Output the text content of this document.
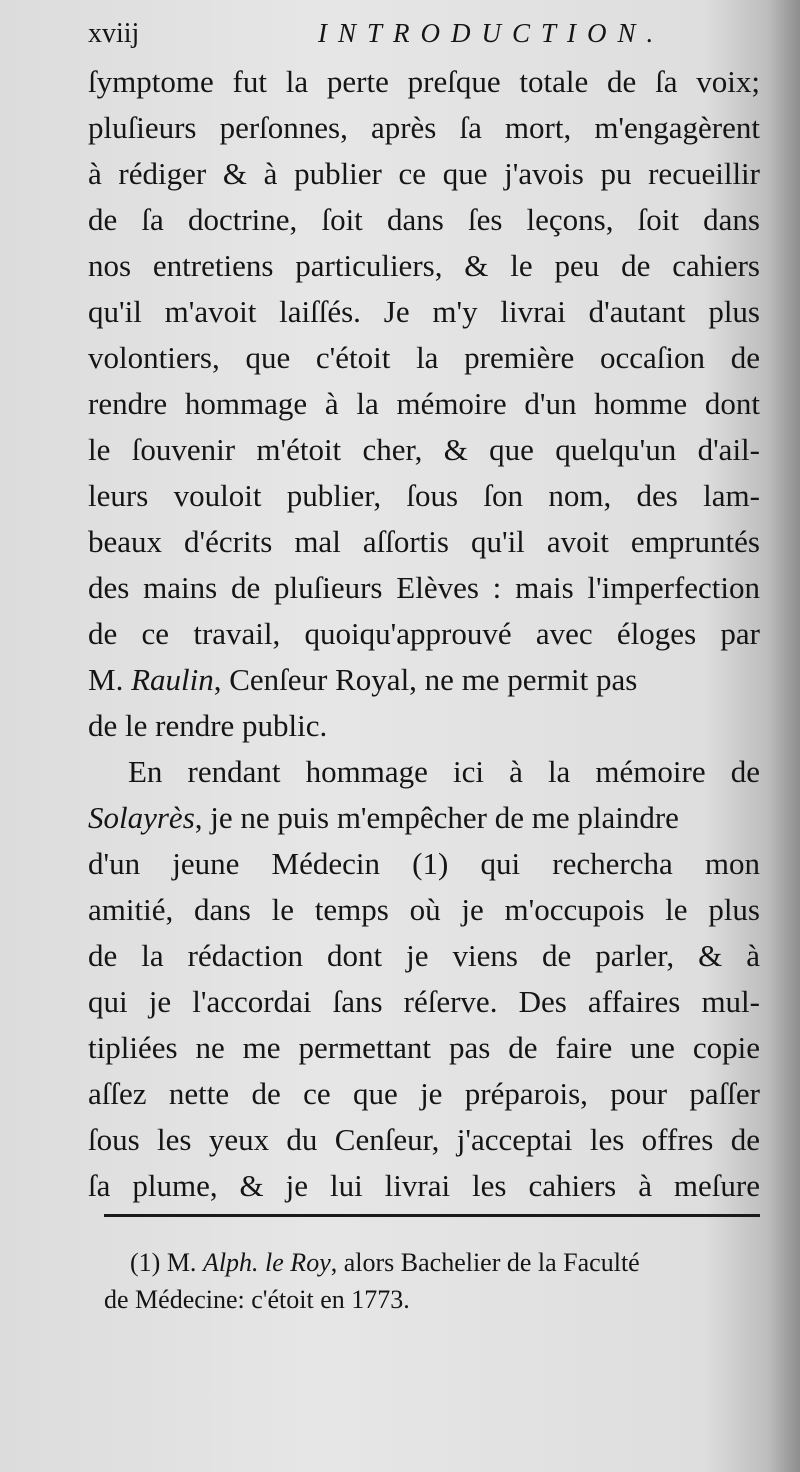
xviij	INTRODUCTION.
ſymptome fut la perte preſque totale de ſa voix;
pluſieurs perſonnes, après ſa mort, m'engagèrent
à rédiger & à publier ce que j'avois pu recueillir
de ſa doctrine, ſoit dans ſes leçons, ſoit dans
nos entretiens particuliers, & le peu de cahiers
qu'il m'avoit laiſſés. Je m'y livrai d'autant plus
volontiers, que c'étoit la première occaſion de
rendre hommage à la mémoire d'un homme dont
le ſouvenir m'étoit cher, & que quelqu'un d'ail-
leurs vouloit publier, ſous ſon nom, des lam-
beaux d'écrits mal aſſortis qu'il avoit empruntés
des mains de pluſieurs Elèves : mais l'imperfection
de ce travail, quoiqu'approuvé avec éloges par
M. Raulin, Cenſeur Royal, ne me permit pas
de le rendre public.
En rendant hommage ici à la mémoire de
Solayrès, je ne puis m'empêcher de me plaindre
d'un jeune Médecin (1) qui rechercha mon
amitié, dans le temps où je m'occupois le plus
de la rédaction dont je viens de parler, & à
qui je l'accordai ſans réſerve. Des affaires mul-
tipliées ne me permettant pas de faire une copie
aſſez nette de ce que je préparois, pour paſſer
ſous les yeux du Cenſeur, j'acceptai les offres de
ſa plume, & je lui livrai les cahiers à meſure
(1) M. Alph. le Roy, alors Bachelier de la Faculté
de Médecine: c'étoit en 1773.
